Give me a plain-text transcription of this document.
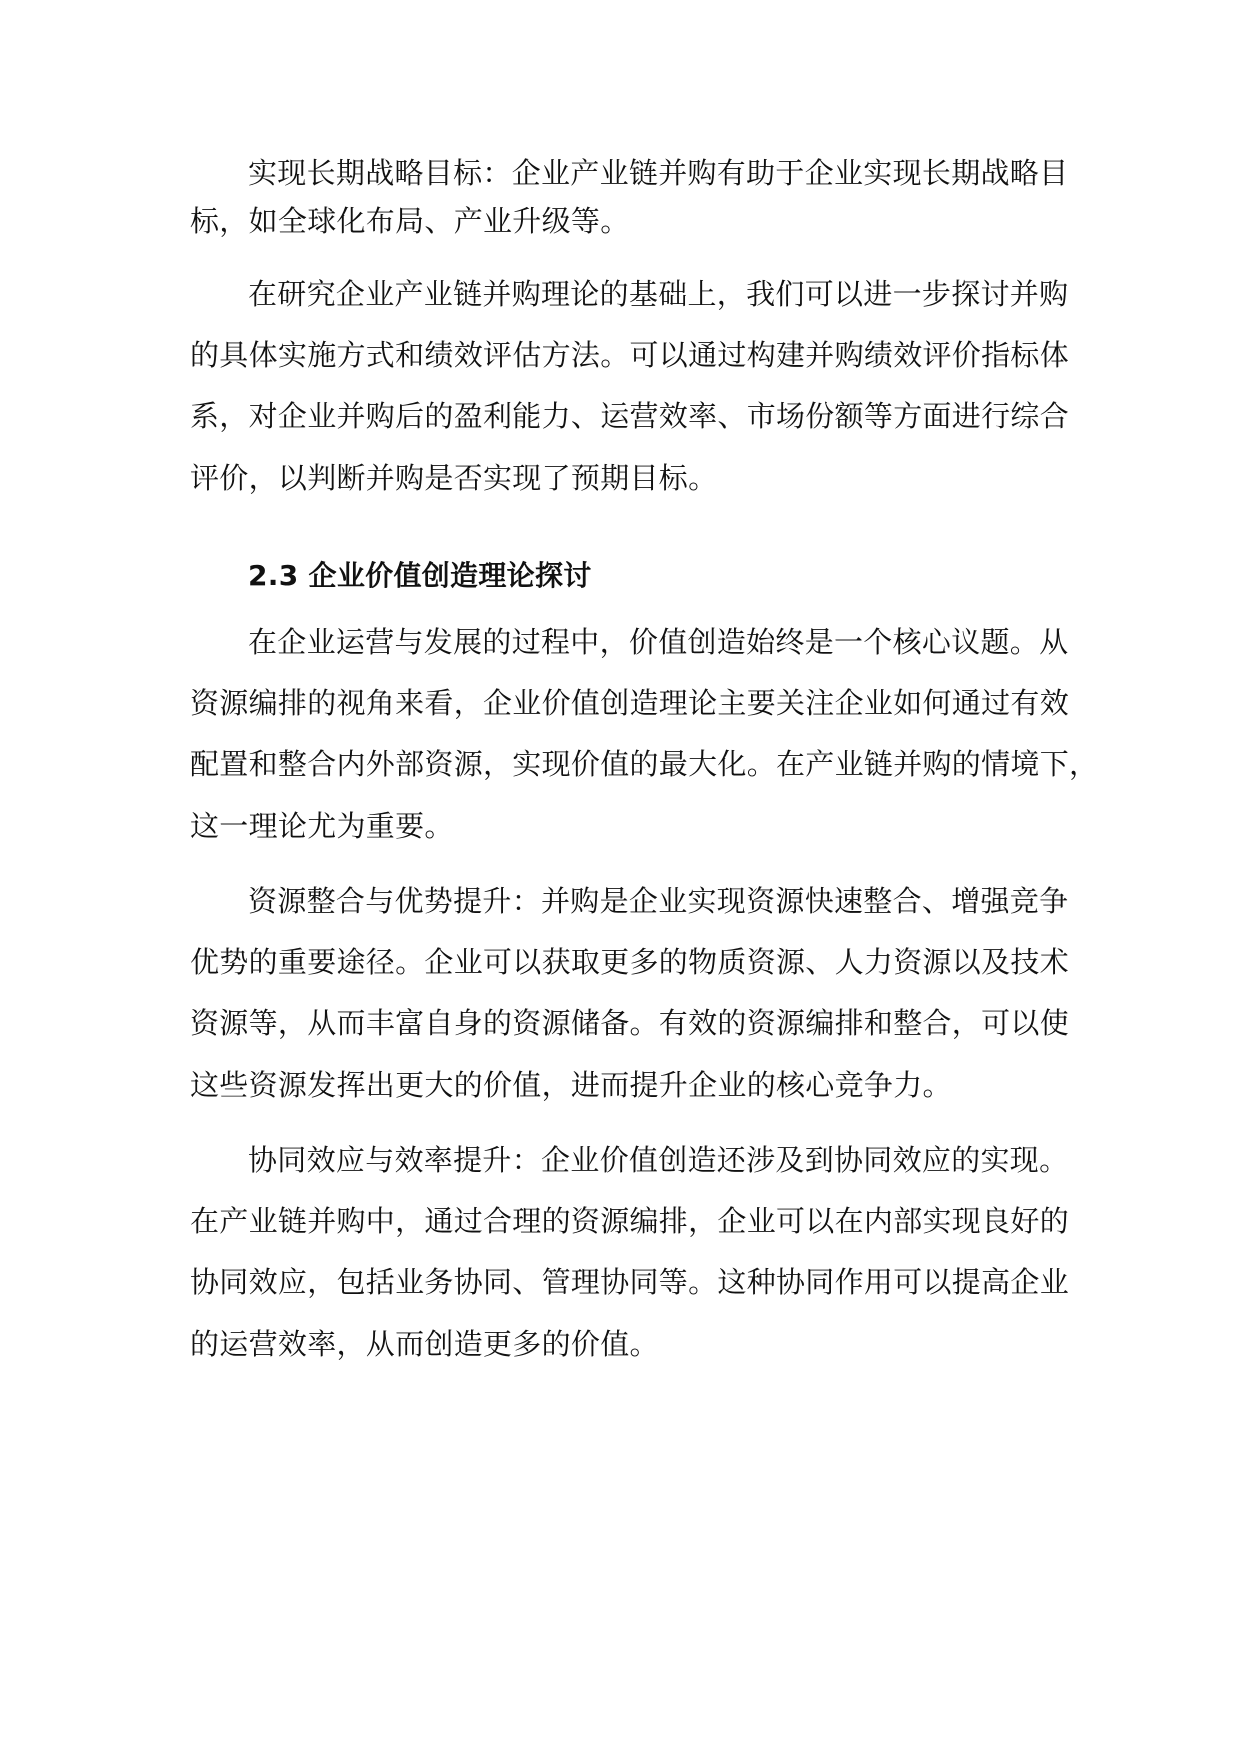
实现长期战略目标：企业产业链并购有助于企业实现长期战略目
标，如全球化布局、产业升级等。
在研究企业产业链并购理论的基础上，我们可以进一步探讨并购
的具体实施方式和绩效评估方法。可以通过构建并购绩效评价指标体
系，对企业并购后的盈利能力、运营效率、市场份额等方面进行综合
评价，以判断并购是否实现了预期目标。
2.3 企业价值创造理论探讨
在企业运营与发展的过程中，价值创造始终是一个核心议题。从
资源编排的视角来看，企业价值创造理论主要关注企业如何通过有效
配置和整合内外部资源，实现价值的最大化。在产业链并购的情境下，
这一理论尤为重要。
资源整合与优势提升：并购是企业实现资源快速整合、增强竞争
优势的重要途径。企业可以获取更多的物质资源、人力资源以及技术
资源等，从而丰富自身的资源储备。有效的资源编排和整合，可以使
这些资源发挥出更大的价值，进而提升企业的核心竞争力。
协同效应与效率提升：企业价值创造还涉及到协同效应的实现。
在产业链并购中，通过合理的资源编排，企业可以在内部实现良好的
协同效应，包括业务协同、管理协同等。这种协同作用可以提高企业
的运营效率，从而创造更多的价值。
